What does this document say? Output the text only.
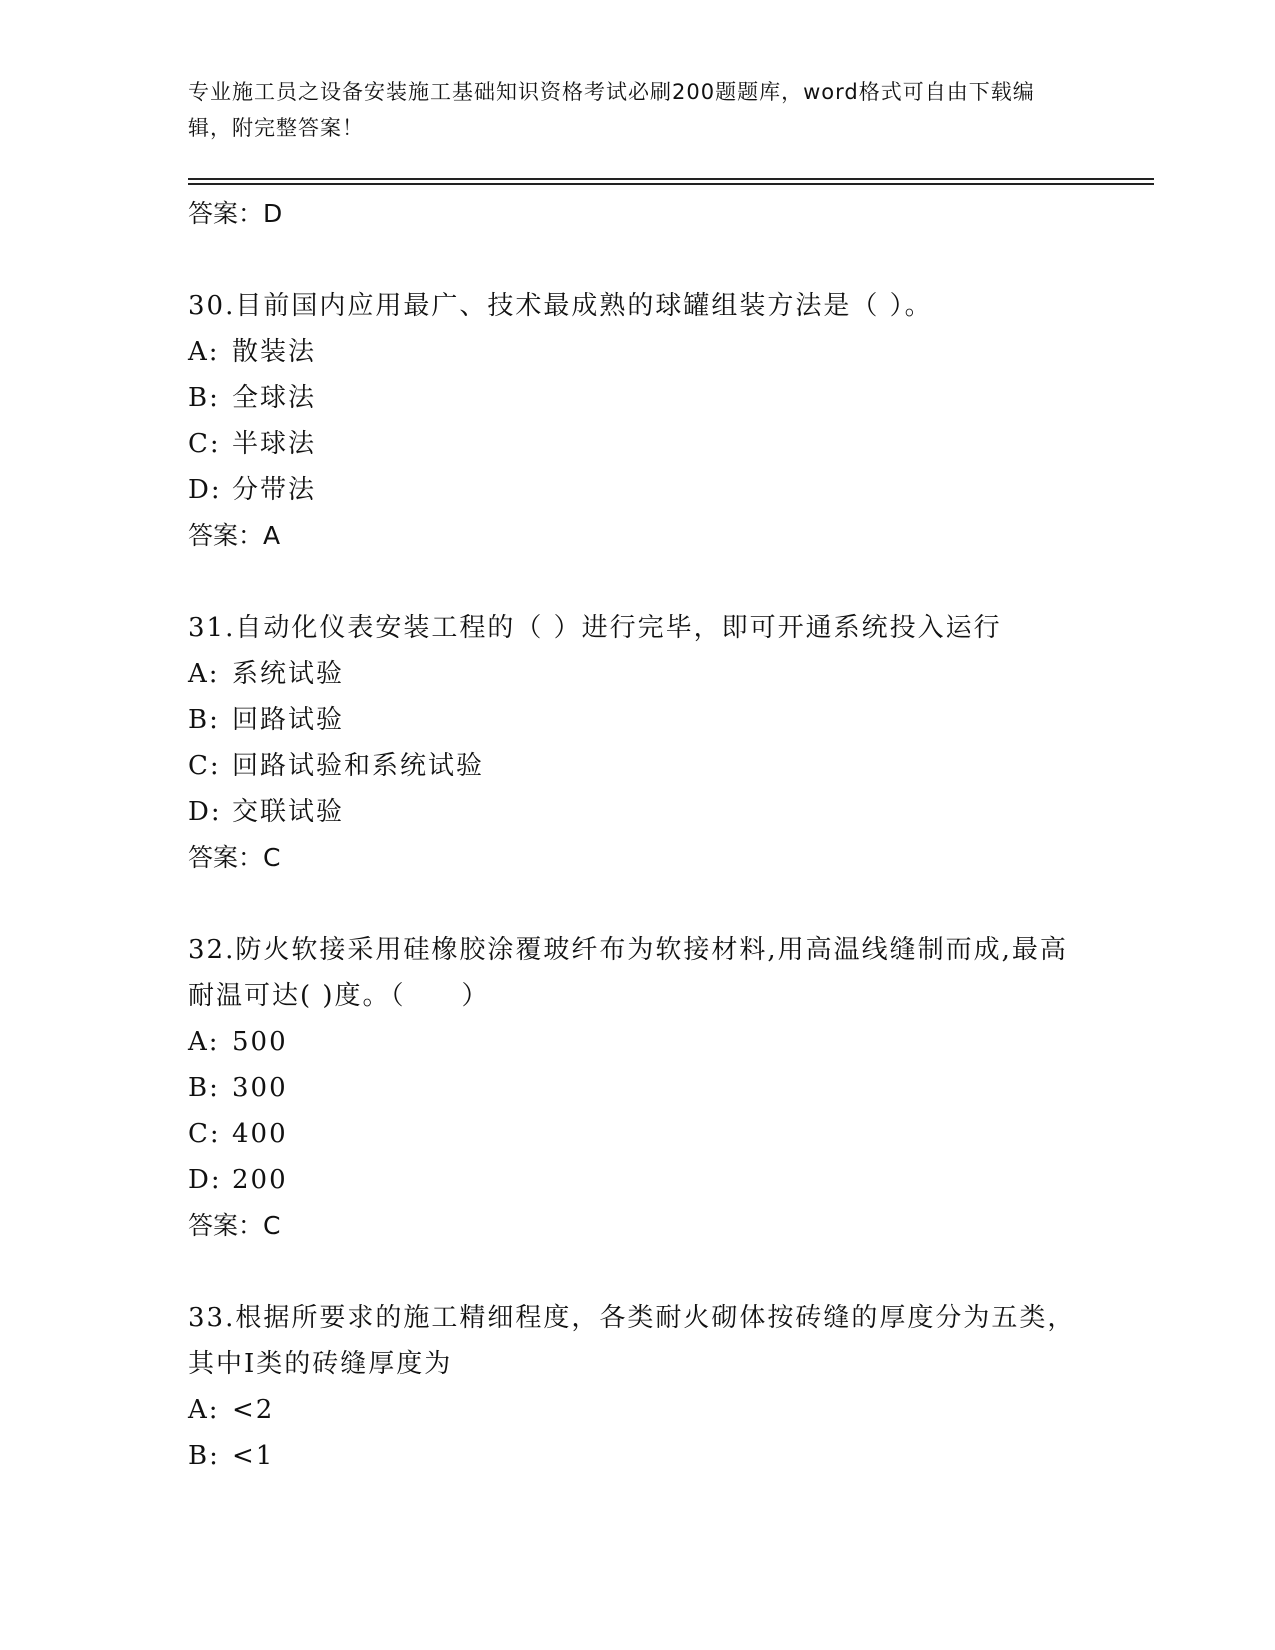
专业施工员之设备安装施工基础知识资格考试必刷200题题库，word格式可自由下载编辑，附完整答案！
答案：D
30.目前国内应用最广、技术最成熟的球罐组装方法是（ ）。
A: 散装法
B: 全球法
C: 半球法
D: 分带法
答案：A
31.自动化仪表安装工程的（ ）进行完毕，即可开通系统投入运行
A: 系统试验
B: 回路试验
C: 回路试验和系统试验
D: 交联试验
答案：C
32.防火软接采用硅橡胶涂覆玻纤布为软接材料,用高温线缝制而成,最高耐温可达( )度。（　　）
A: 500
B: 300
C: 400
D: 200
答案：C
33.根据所要求的施工精细程度，各类耐火砌体按砖缝的厚度分为五类，其中Ⅰ类的砖缝厚度为
A: <2
B: <1
